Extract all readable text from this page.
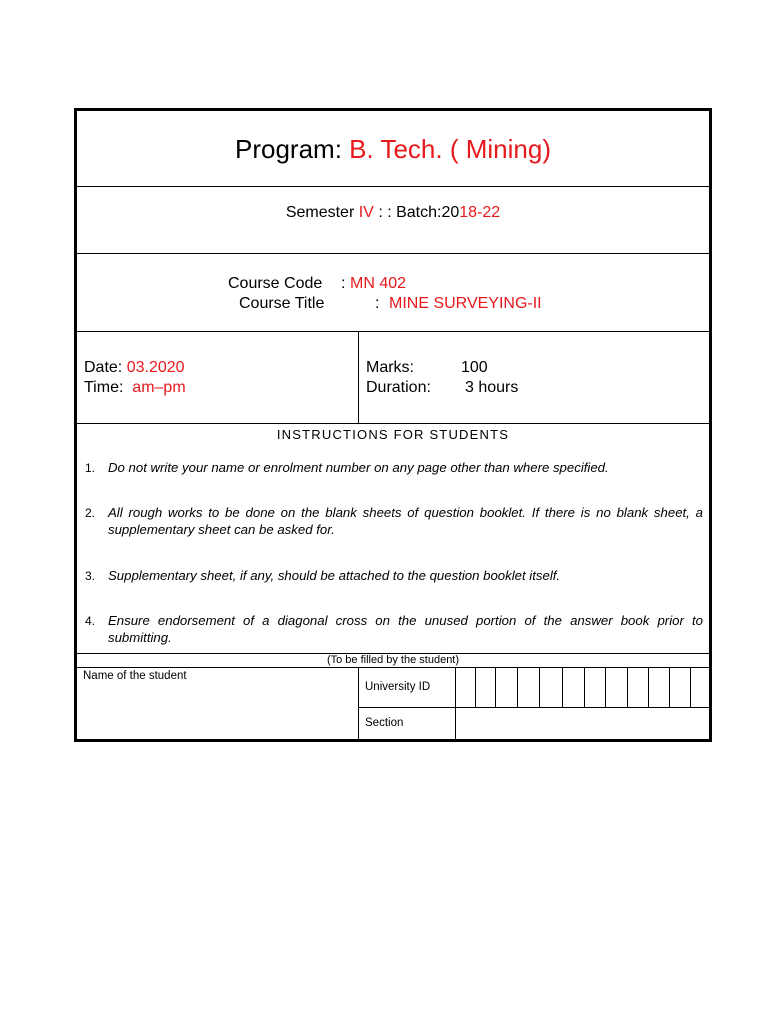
Program: B. Tech. ( Mining)
Semester IV : : Batch:2018-22
Course Code : MN 402
Course Title	: MINE SURVEYING-II
Date: 03.2020
Time: am–pm
Marks:	100
Duration: 3 hours
INSTRUCTIONS FOR STUDENTS
1. Do not write your name or enrolment number on any page other than where specified.
2. All rough works to be done on the blank sheets of question booklet. If there is no blank sheet, a supplementary sheet can be asked for.
3. Supplementary sheet, if any, should be attached to the question booklet itself.
4. Ensure endorsement of a diagonal cross on the unused portion of the answer book prior to submitting.
(To be filled by the student)
Name of the student
University ID
Section
